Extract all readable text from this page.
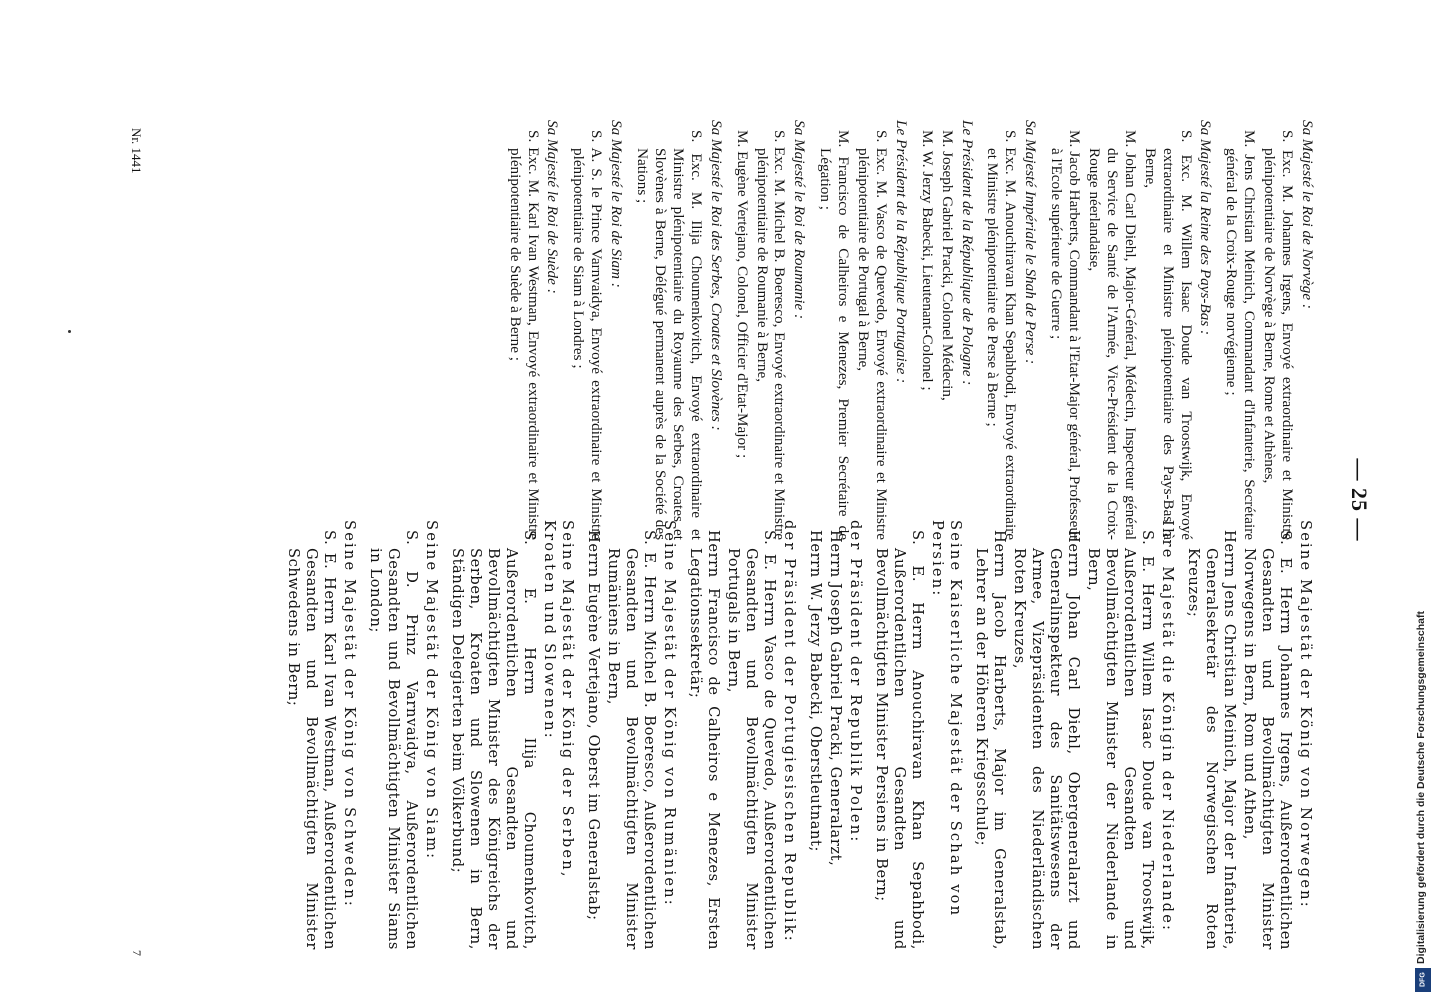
— 25 —
Sa Majesté le Roi de Norvège :
S. Exc. M. Johannes Irgens, Envoyé extraordinaire et Ministre plénipotentiaire de Norvège à Berne, Rome et Athènes,
M. Jens Christian Meinich, Commandant d'Infanterie, Secrétaire général de la Croix-Rouge norvégienne ;
Sa Majesté la Reine des Pays-Bas :
S. Exc. M. Willem Isaac Doude van Troostwijk, Envoyé extraordinaire et Ministre plénipotentiaire des Pays-Bas à Berne,
M. Johan Carl Diehl, Major-Général, Médecin, Inspecteur général du Service de Santé de l'Armée, Vice-Président de la Croix-Rouge néerlandaise,
M. Jacob Harberts, Commandant à l'Etat-Major général, Professeur à l'Ecole supérieure de Guerre ;
Sa Majesté Impériale le Shah de Perse :
S. Exc. M. Anouchiravan Khan Sepahbodi, Envoyé extraordinaire et Ministre plénipotentiaire de Perse à Berne ;
Le Président de la République de Pologne :
M. Joseph Gabriel Pracki, Colonel Médecin,
M. W. Jerzy Babecki, Lieutenant-Colonel ;
Le Président de la République Portugaise :
S. Exc. M. Vasco de Quevedo, Envoyé extraordinaire et Ministre plénipotentiaire de Portugal à Berne,
M. Francisco de Calheiros e Menezes, Premier Secrétaire de Légation ;
Sa Majesté le Roi de Roumanie :
S. Exc. M. Michel B. Boeresco, Envoyé extraordinaire et Ministre plénipotentiaire de Roumanie à Berne,
M. Eugène Vertejano, Colonel, Officier d'Etat-Major ;
Sa Majesté le Roi des Serbes, Croates et Slovènes :
S. Exc. M. Ilija Choumenkovitch, Envoyé extraordinaire et Ministre plénipotentiaire du Royaume des Serbes, Croates et Slovènes à Berne, Délégué permanent auprès de la Société des Nations ;
Sa Majesté le Roi de Siam :
S. A. S. le Prince Varnvaidya, Envoyé extraordinaire et Ministre plénipotentiaire de Siam à Londres ;
Sa Majesté le Roi de Suède :
S. Exc. M. Karl Ivan Westman, Envoyé extraordinaire et Ministre plénipotentiaire de Suède à Berne ;
Seine Majestät der König von Norwegen:
S. E. Herrn Johannes Irgens, Außerordentlichen Gesandten und Bevollmächtigten Minister Norwegens in Bern, Rom und Athen,
Herrn Jens Christian Meinich, Major der Infanterie, Generalsekretär des Norwegischen Roten Kreuzes;
Ihre Majestät die Königin der Niederlande:
S. E. Herrn Willem Isaac Doude van Troostwijk, Außerordentlichen Gesandten und Bevollmächtigten Minister der Niederlande in Bern,
Herrn Johan Carl Diehl, Obergeneralarzt und Generalinspekteur des Sanitätswesens der Armee, Vizepräsidenten des Niederländischen Roten Kreuzes,
Herrn Jacob Harberts, Major im Generalstab, Lehrer an der Höheren Kriegsschule;
Seine Kaiserliche Majestät der Schah von Persien:
S. E. Herrn Anouchiravan Khan Sepahbodi, Außerordentlichen Gesandten und Bevollmächtigten Minister Persiens in Bern;
der Präsident der Republik Polen:
Herrn Joseph Gabriel Pracki, Generalarzt,
Herrn W. Jerzy Babecki, Oberstleutnant;
der Präsident der Portugiesischen Republik:
S. E. Herrn Vasco de Quevedo, Außerordentlichen Gesandten und Bevollmächtigten Minister Portugals in Bern,
Herrn Francisco de Calheiros e Menezes, Ersten Legationssekretär;
Seine Majestät der König von Rumänien:
S. E. Herrn Michel B. Boeresco, Außerordentlichen Gesandten und Bevollmächtigten Minister Rumäniens in Bern,
Herrn Eugène Vertejano, Oberst im Generalstab;
Seine Majestät der König der Serben, Kroaten und Slowenen:
S. E. Herrn Ilija Choumenkovitch, Außerordentlichen Gesandten und Bevollmächtigten Minister des Königreichs der Serben, Kroaten und Slowenen in Bern, Ständigen Delegierten beim Völkerbund;
Seine Majestät der König von Siam:
S. D. Prinz Varnvaidya, Außerordentlichen Gesandten und Bevollmächtigten Minister Siams in London;
Seine Majestät der König von Schweden:
S. E. Herrn Karl Ivan Westman, Außerordentlichen Gesandten und Bevollmächtigten Minister Schwedens in Bern;
Nr. 1441
7	Digitalisierung gefördert durch die Deutsche Forschungsgemeinschaft
DFG
